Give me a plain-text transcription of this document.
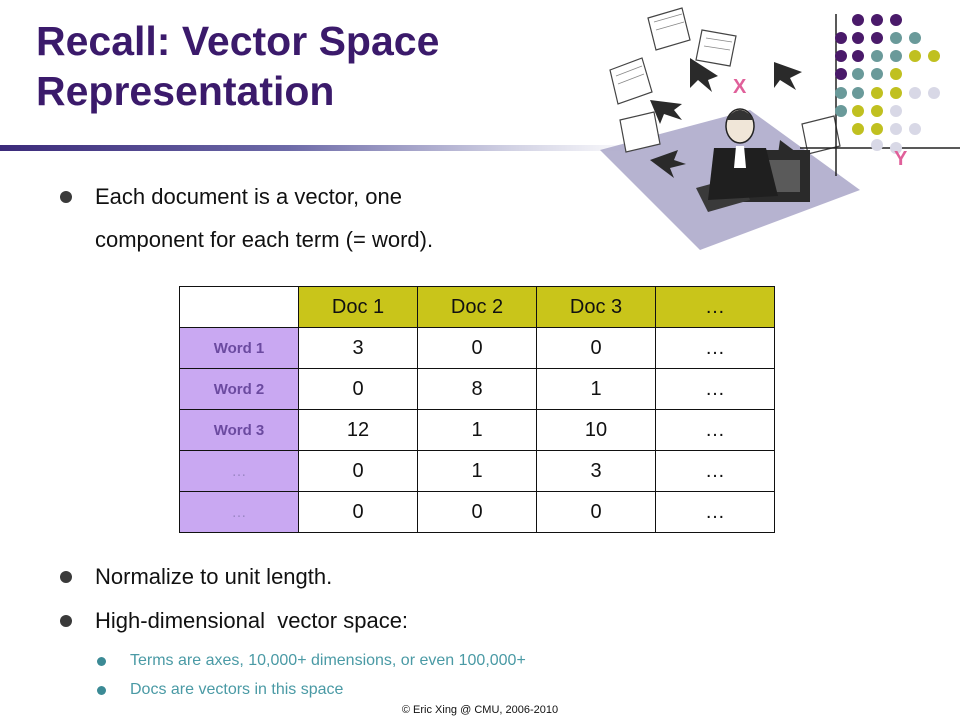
Recall: Vector Space Representation	X
Y
Each document is a vector, one
component for each term (= word).
	Doc 1	Doc 2	Doc 3	…
Word 1	3	0	0	…
Word 2	0	8	1	…
Word 3	12	1	10	…
…	0	1	3	…
…	0	0	0	…
Normalize to unit length.
High-dimensional  vector space:
Terms are axes, 10,000+ dimensions, or even 100,000+
Docs are vectors in this space
© Eric Xing @ CMU, 2006-2010
